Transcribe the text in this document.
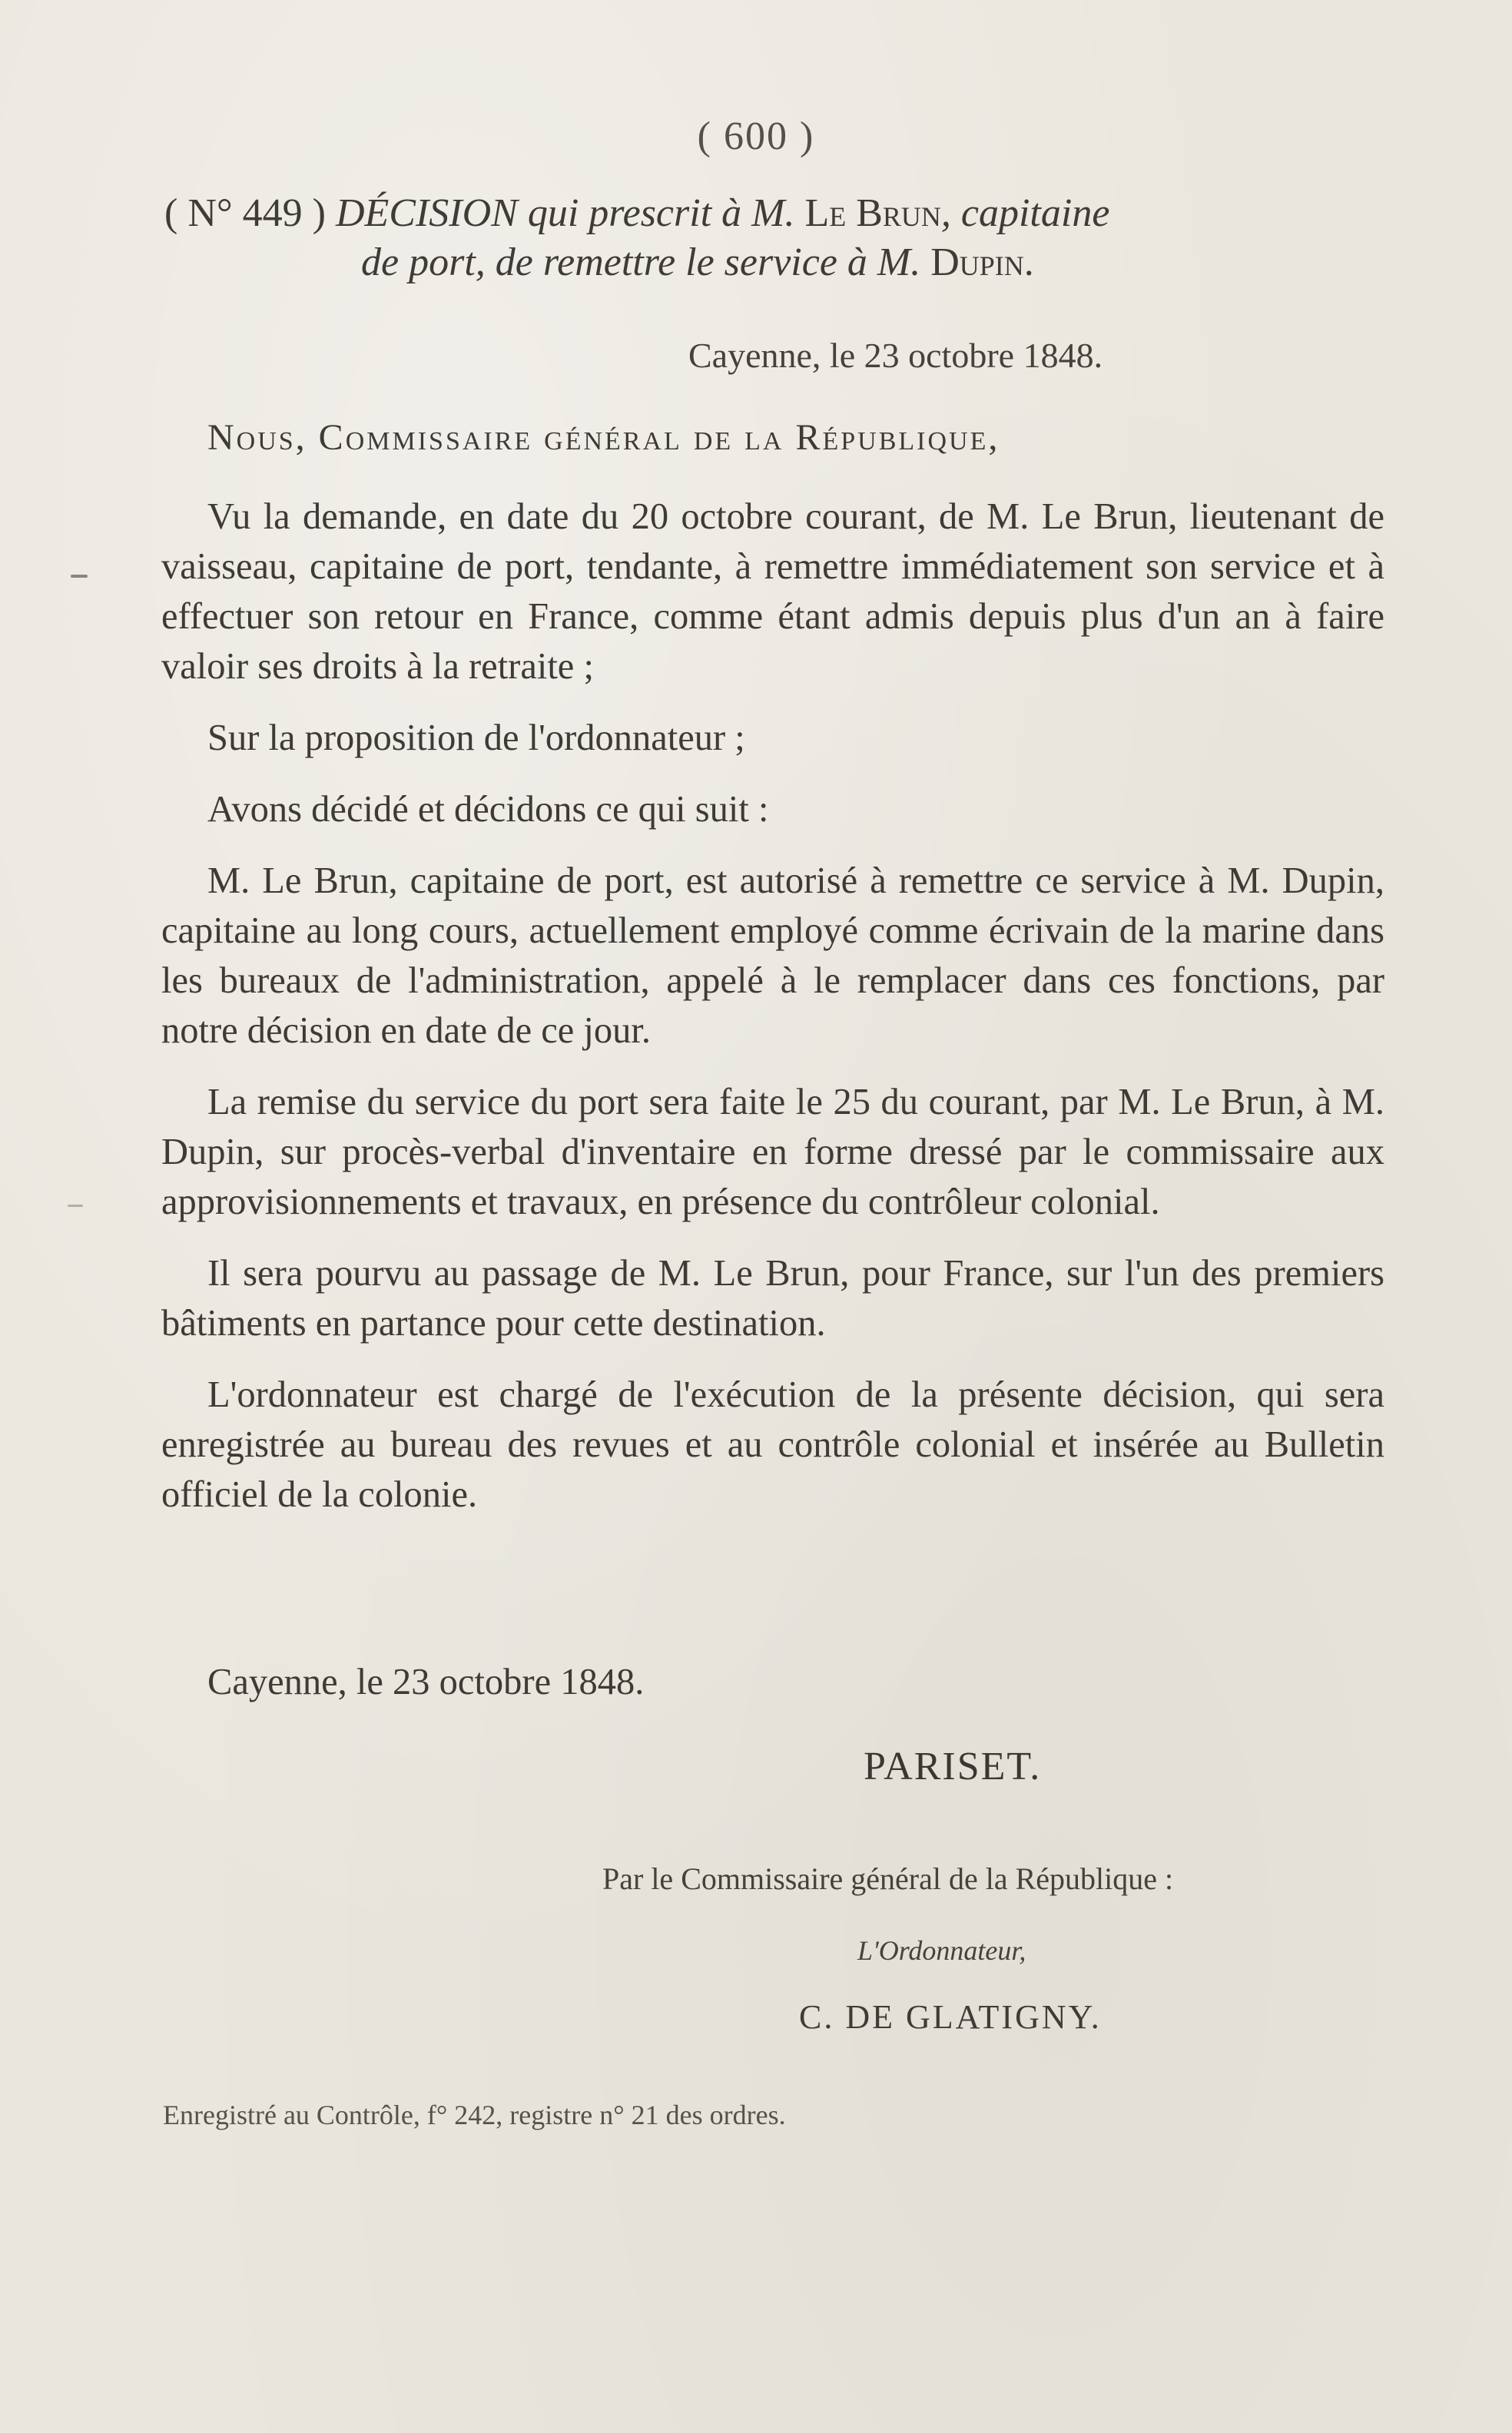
( 600 )
( N° 449 ) DÉCISION qui prescrit à M. Le Brun, capitaine
de port, de remettre le service à M. Dupin.
Cayenne, le 23 octobre 1848.
Nous, Commissaire général de la République,

Vu la demande, en date du 20 octobre courant, de M. Le Brun, lieutenant de vaisseau, capitaine de port, tendante, à remettre immédiatement son service et à effectuer son retour en France, comme étant admis depuis plus d'un an à faire valoir ses droits à la retraite ;

Sur la proposition de l'ordonnateur ;

Avons décidé et décidons ce qui suit :

M. Le Brun, capitaine de port, est autorisé à remettre ce service à M. Dupin, capitaine au long cours, actuellement employé comme écrivain de la marine dans les bureaux de l'administration, appelé à le remplacer dans ces fonctions, par notre décision en date de ce jour.

La remise du service du port sera faite le 25 du courant, par M. Le Brun, à M. Dupin, sur procès-verbal d'inventaire en forme dressé par le commissaire aux approvisionnements et travaux, en présence du contrôleur colonial.

Il sera pourvu au passage de M. Le Brun, pour France, sur l'un des premiers bâtiments en partance pour cette destination.

L'ordonnateur est chargé de l'exécution de la présente décision, qui sera enregistrée au bureau des revues et au contrôle colonial et insérée au Bulletin officiel de la colonie.

Cayenne, le 23 octobre 1848.
PARISET.
Par le Commissaire général de la République :
L'Ordonnateur,
C. DE GLATIGNY.
Enregistré au Contrôle, f° 242, registre n° 21 des ordres.
